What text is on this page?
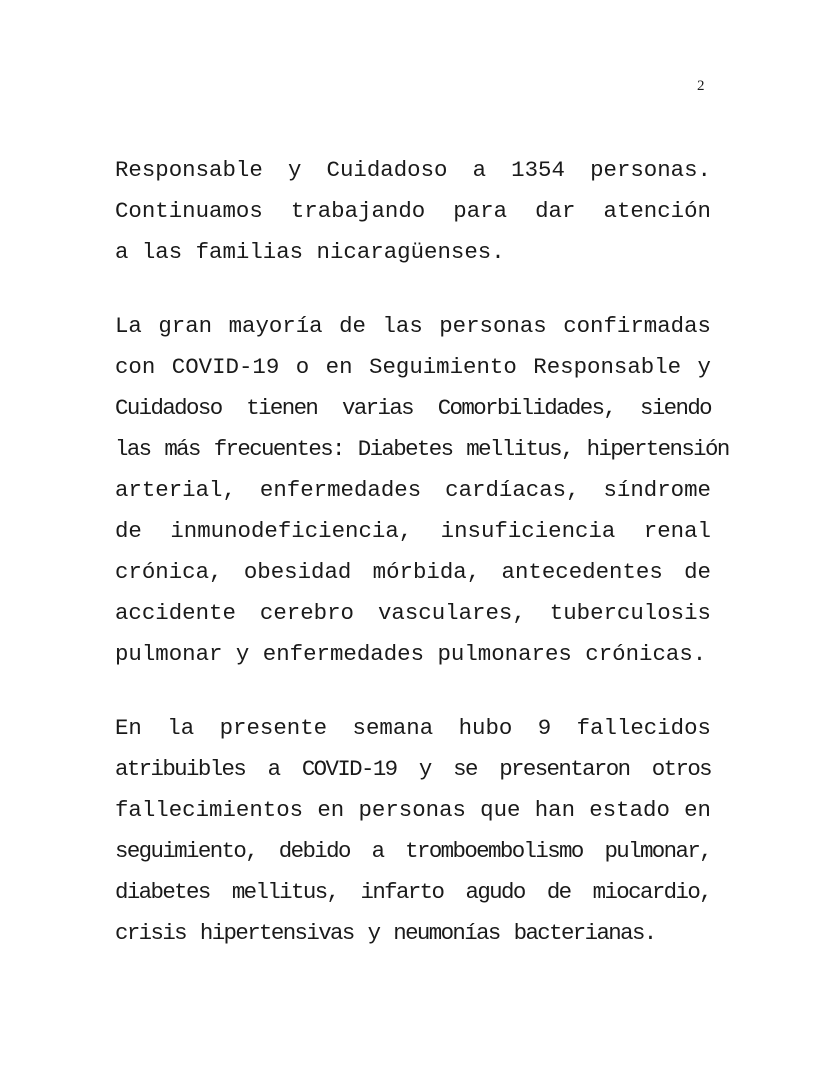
2

Responsable y Cuidadoso a 1354 personas.
Continuamos trabajando para dar atención
a las familias nicaragüenses.

La gran mayoría de las personas confirmadas
con COVID-19 o en Seguimiento Responsable y
Cuidadoso tienen varias Comorbilidades, siendo
las más frecuentes: Diabetes mellitus, hipertensión
arterial, enfermedades cardíacas, síndrome
de inmunodeficiencia, insuficiencia renal
crónica, obesidad mórbida, antecedentes de
accidente cerebro vasculares, tuberculosis
pulmonar y enfermedades pulmonares crónicas.

En la presente semana hubo 9 fallecidos
atribuibles a COVID-19 y se presentaron otros
fallecimientos en personas que han estado en
seguimiento, debido a tromboembolismo pulmonar,
diabetes mellitus, infarto agudo de miocardio,
crisis hipertensivas y neumonías bacterianas.
